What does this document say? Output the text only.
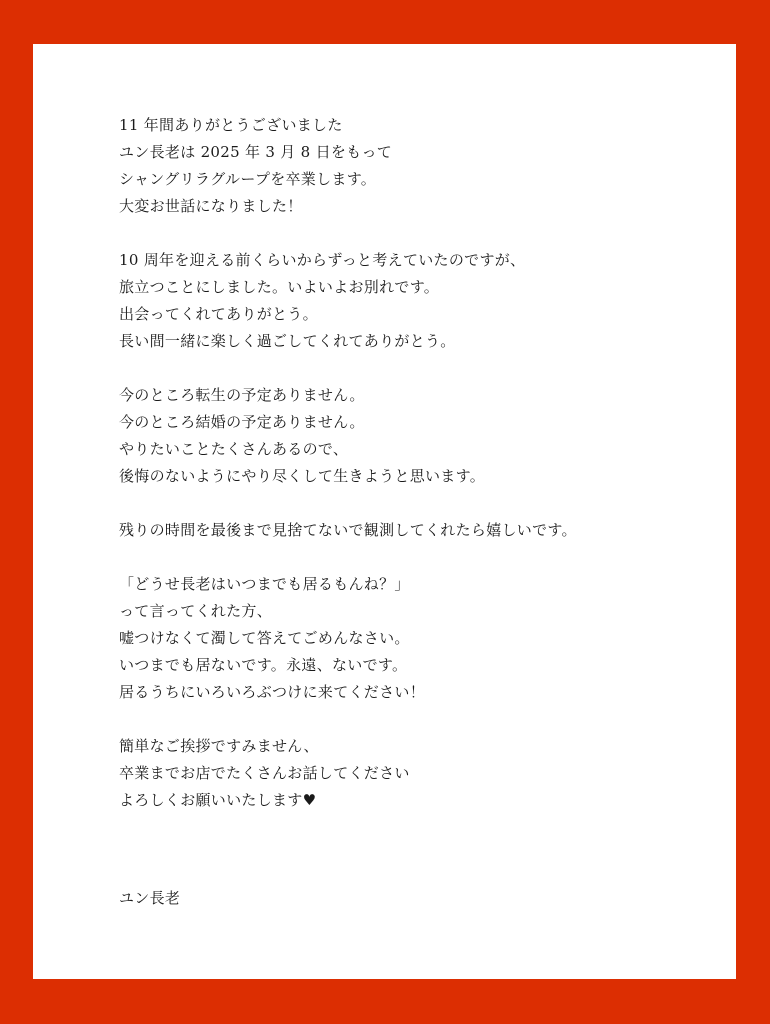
11 年間ありがとうございました
ユン長老は 2025 年 3 月 8 日をもって
シャングリラグループを卒業します。
大変お世話になりました！
10 周年を迎える前くらいからずっと考えていたのですが、
旅立つことにしました。いよいよお別れです。
出会ってくれてありがとう。
長い間一緒に楽しく過ごしてくれてありがとう。
今のところ転生の予定ありません。
今のところ結婚の予定ありません。
やりたいことたくさんあるので、
後悔のないようにやり尽くして生きようと思います。
残りの時間を最後まで見捨てないで観測してくれたら嬉しいです。
「どうせ長老はいつまでも居るもんね？」
って言ってくれた方、
嘘つけなくて濁して答えてごめんなさい。
いつまでも居ないです。永遠、ないです。
居るうちにいろいろぶつけに来てください！
簡単なご挨拶ですみません、
卒業までお店でたくさんお話してください
よろしくお願いいたします♥
ユン長老
